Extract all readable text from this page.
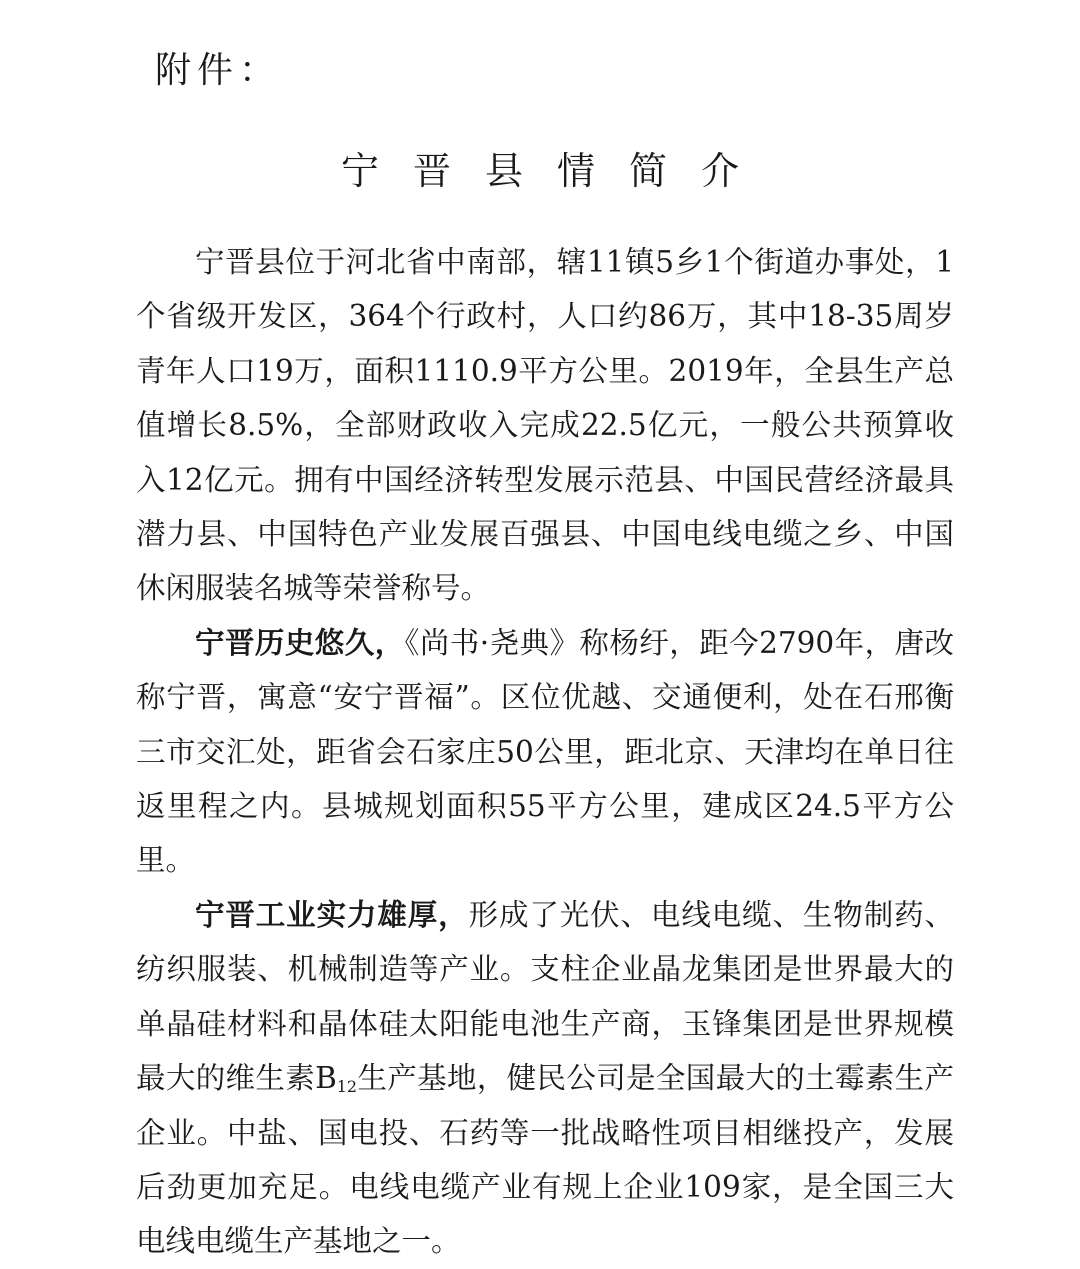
附件：
宁晋县情简介

宁晋县位于河北省中南部，辖11镇5乡1个街道办事处，1个省级开发区，364个行政村，人口约86万，其中18-35周岁青年人口19万，面积1110.9平方公里。2019年，全县生产总值增长8.5%，全部财政收入完成22.5亿元，一般公共预算收入12亿元。拥有中国经济转型发展示范县、中国民营经济最具潜力县、中国特色产业发展百强县、中国电线电缆之乡、中国休闲服装名城等荣誉称号。

宁晋历史悠久，《尚书·尧典》称杨纡，距今2790年，唐改称宁晋，寓意“安宁晋福”。区位优越、交通便利，处在石邢衡三市交汇处，距省会石家庄50公里，距北京、天津均在单日往返里程之内。县城规划面积55平方公里，建成区24.5平方公里。

宁晋工业实力雄厚，形成了光伏、电线电缆、生物制药、纺织服装、机械制造等产业。支柱企业晶龙集团是世界最大的单晶硅材料和晶体硅太阳能电池生产商，玉锋集团是世界规模最大的维生素$B_{12}$生产基地，健民公司是全国最大的土霉素生产企业。中盐、国电投、石药等一批战略性项目相继投产，发展后劲更加充足。电线电缆产业有规上企业109家，是全国三大电线电缆生产基地之一。
